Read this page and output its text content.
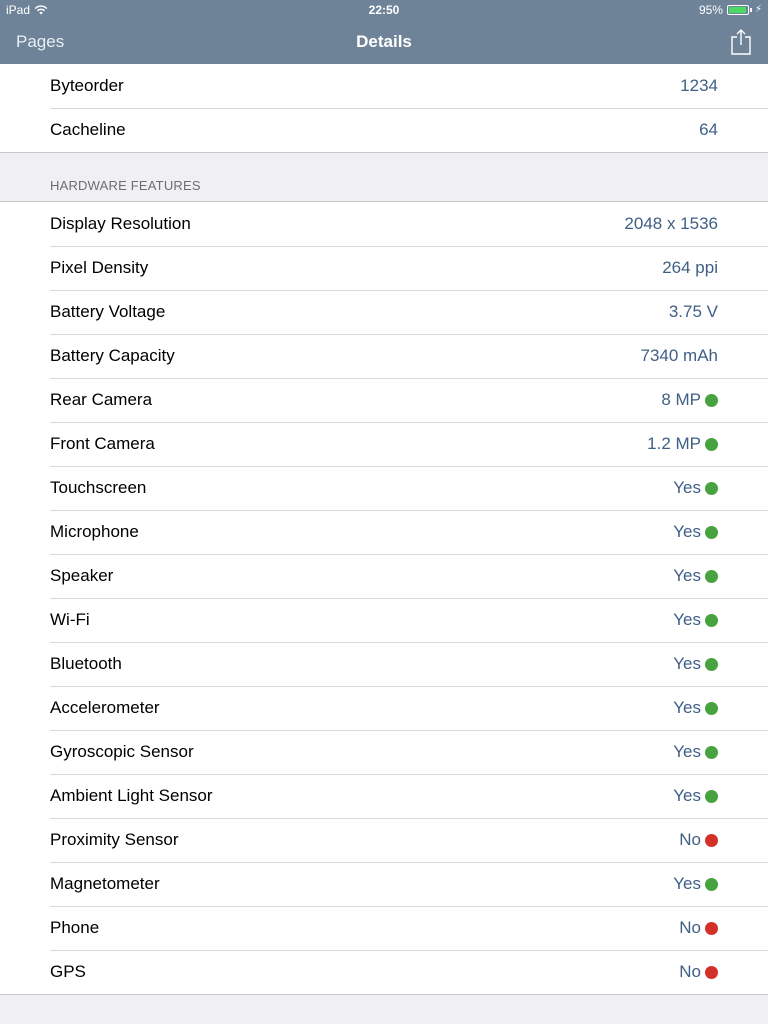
iPad	22:50	95%	⚡
Pages	Details
Byteorder	1234
Cacheline	64
HARDWARE FEATURES
Display Resolution	2048 x 1536
Pixel Density	264 ppi
Battery Voltage	3.75 V
Battery Capacity	7340 mAh
Rear Camera	8 MP
Front Camera	1.2 MP
Touchscreen	Yes
Microphone	Yes
Speaker	Yes
Wi-Fi	Yes
Bluetooth	Yes
Accelerometer	Yes
Gyroscopic Sensor	Yes
Ambient Light Sensor	Yes
Proximity Sensor	No
Magnetometer	Yes
Phone	No
GPS	No
